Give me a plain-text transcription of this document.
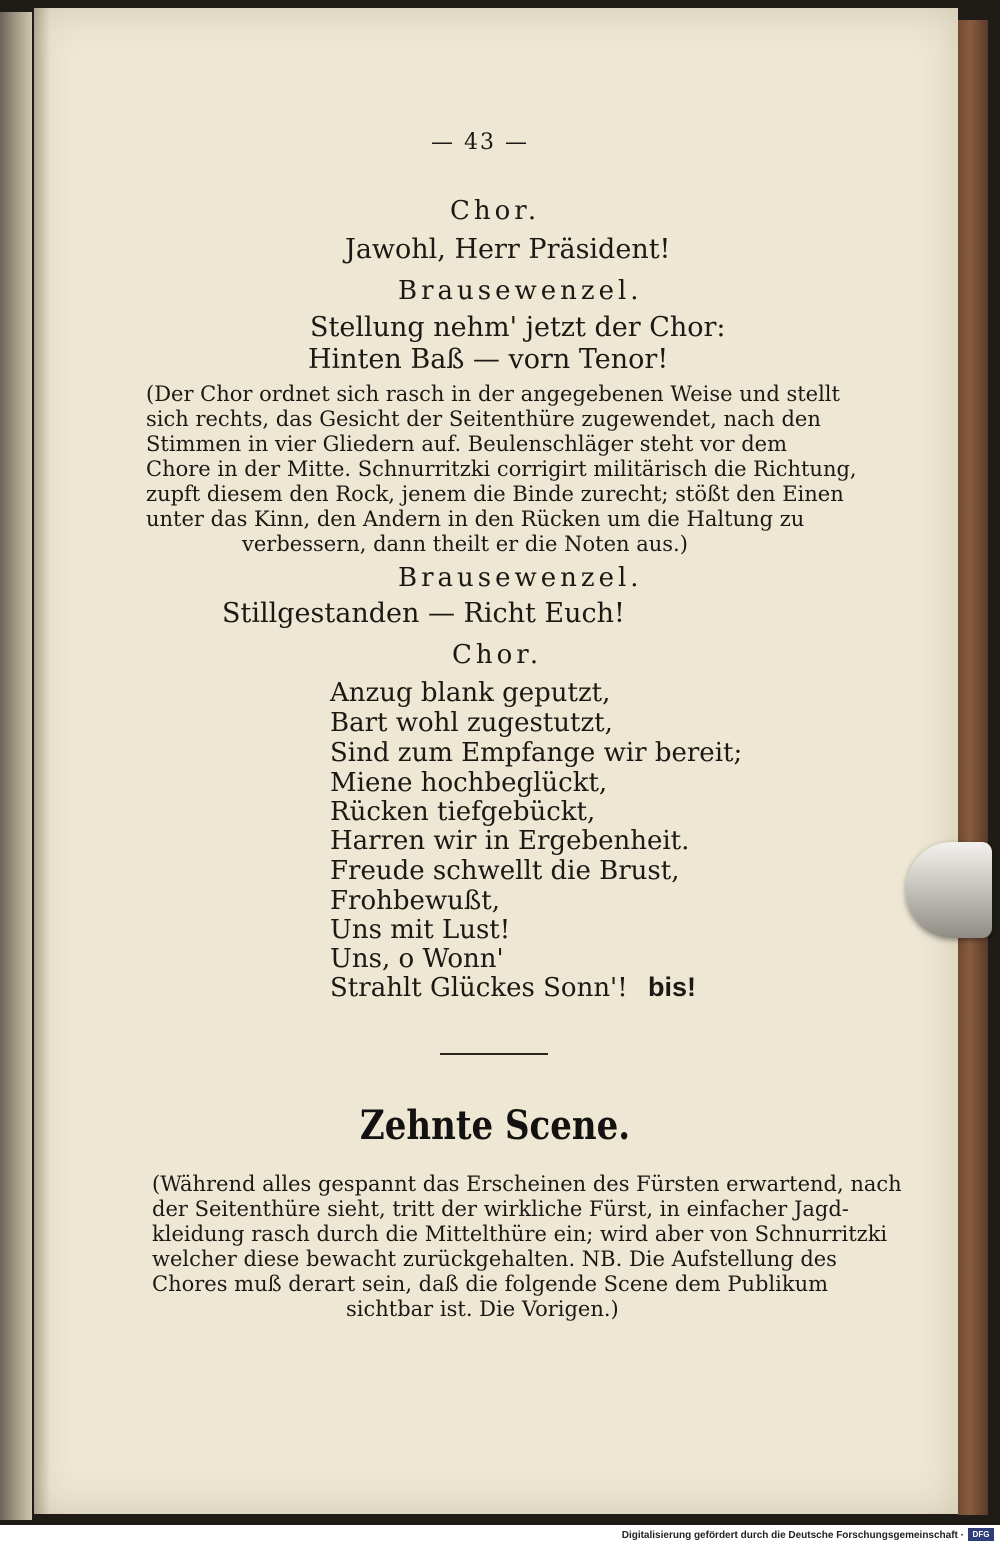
— 43 —
Chor.
Jawohl, Herr Präsident!
Brausewenzel.
Stellung nehm' jetzt der Chor:
Hinten Baß — vorn Tenor!
(Der Chor ordnet sich rasch in der angegebenen Weise und stellt
sich rechts, das Gesicht der Seitenthüre zugewendet, nach den
Stimmen in vier Gliedern auf. Beulenschläger steht vor dem
Chore in der Mitte. Schnurritzki corrigirt militärisch die Richtung,
zupft diesem den Rock, jenem die Binde zurecht; stößt den Einen
unter das Kinn, den Andern in den Rücken um die Haltung zu
verbessern, dann theilt er die Noten aus.)
Brausewenzel.
Stillgestanden — Richt Euch!
Chor.
Anzug blank geputzt,
Bart wohl zugestutzt,
Sind zum Empfange wir bereit;
Miene hochbeglückt,
Rücken tiefgebückt,
Harren wir in Ergebenheit.
Freude schwellt die Brust,
Frohbewußt,
Uns mit Lust!
Uns, o Wonn'
Strahlt Glückes Sonn'! bis!
Zehnte Scene.
(Während alles gespannt das Erscheinen des Fürsten erwartend, nach
der Seitenthüre sieht, tritt der wirkliche Fürst, in einfacher Jagd-
kleidung rasch durch die Mittelthüre ein; wird aber von Schnurritzki
welcher diese bewacht zurückgehalten. NB. Die Aufstellung des
Chores muß derart sein, daß die folgende Scene dem Publikum
sichtbar ist. Die Vorigen.)
Digitalisierung gefördert durch die Deutsche Forschungsgemeinschaft ·	DFG
